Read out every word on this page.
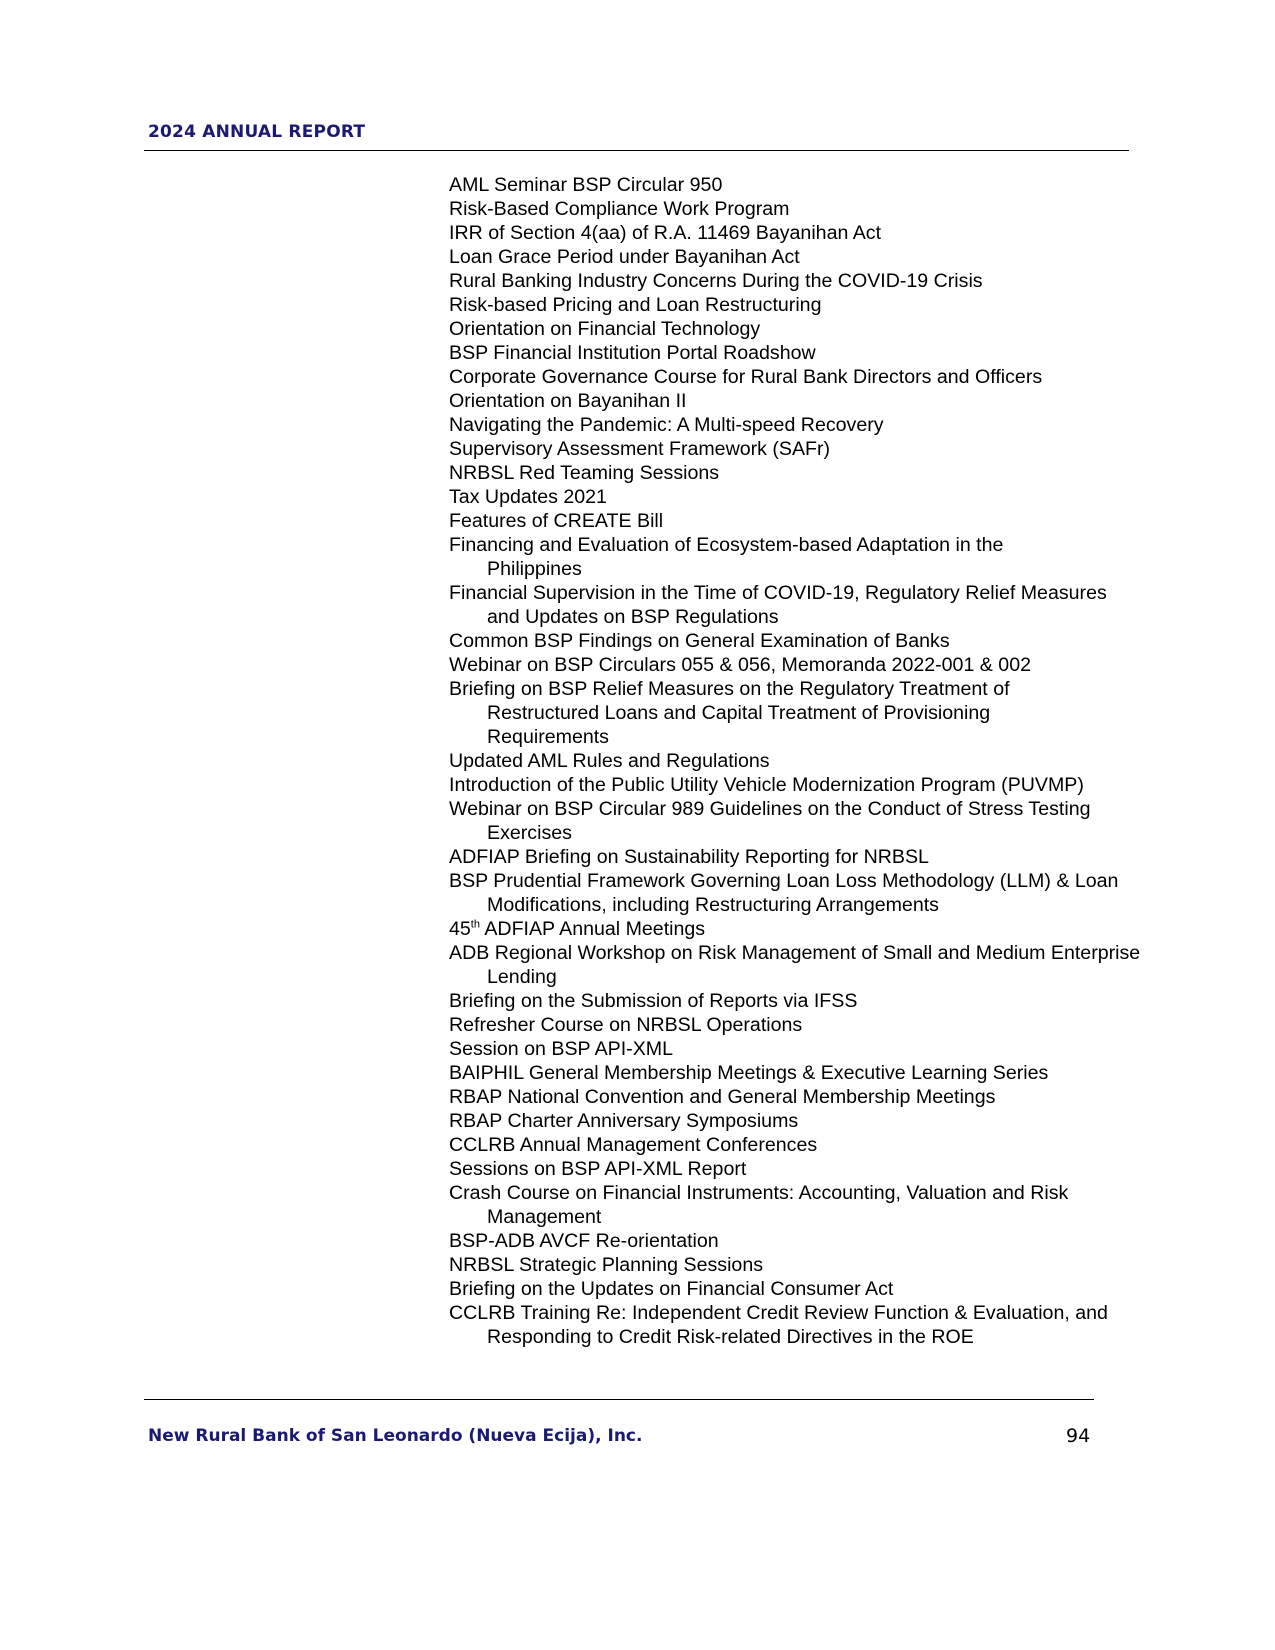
2024 ANNUAL REPORT
AML Seminar BSP Circular 950
Risk-Based Compliance Work Program
IRR of Section 4(aa) of R.A. 11469 Bayanihan Act
Loan Grace Period under Bayanihan Act
Rural Banking Industry Concerns During the COVID-19 Crisis
Risk-based Pricing and Loan Restructuring
Orientation on Financial Technology
BSP Financial Institution Portal Roadshow
Corporate Governance Course for Rural Bank Directors and Officers
Orientation on Bayanihan II
Navigating the Pandemic: A Multi-speed Recovery
Supervisory Assessment Framework (SAFr)
NRBSL Red Teaming Sessions
Tax Updates 2021
Features of CREATE Bill
Financing and Evaluation of Ecosystem-based Adaptation in the Philippines
Financial Supervision in the Time of COVID-19, Regulatory Relief Measures and Updates on BSP Regulations
Common BSP Findings on General Examination of Banks
Webinar on BSP Circulars 055 & 056, Memoranda 2022-001 & 002
Briefing on BSP Relief Measures on the Regulatory Treatment of Restructured Loans and Capital Treatment of Provisioning Requirements
Updated AML Rules and Regulations
Introduction of the Public Utility Vehicle Modernization Program (PUVMP)
Webinar on BSP Circular 989 Guidelines on the Conduct of Stress Testing Exercises
ADFIAP Briefing on Sustainability Reporting for NRBSL
BSP Prudential Framework Governing Loan Loss Methodology (LLM) & Loan Modifications, including Restructuring Arrangements
45th ADFIAP Annual Meetings
ADB Regional Workshop on Risk Management of Small and Medium Enterprise Lending
Briefing on the Submission of Reports via IFSS
Refresher Course on NRBSL Operations
Session on BSP API-XML
BAIPHIL General Membership Meetings & Executive Learning Series
RBAP National Convention and General Membership Meetings
RBAP Charter Anniversary Symposiums
CCLRB Annual Management Conferences
Sessions on BSP API-XML Report
Crash Course on Financial Instruments: Accounting, Valuation and Risk Management
BSP-ADB AVCF Re-orientation
NRBSL Strategic Planning Sessions
Briefing on the Updates on Financial Consumer Act
CCLRB Training Re: Independent Credit Review Function & Evaluation, and Responding to Credit Risk-related Directives in the ROE
New Rural Bank of San Leonardo (Nueva Ecija), Inc.	94
